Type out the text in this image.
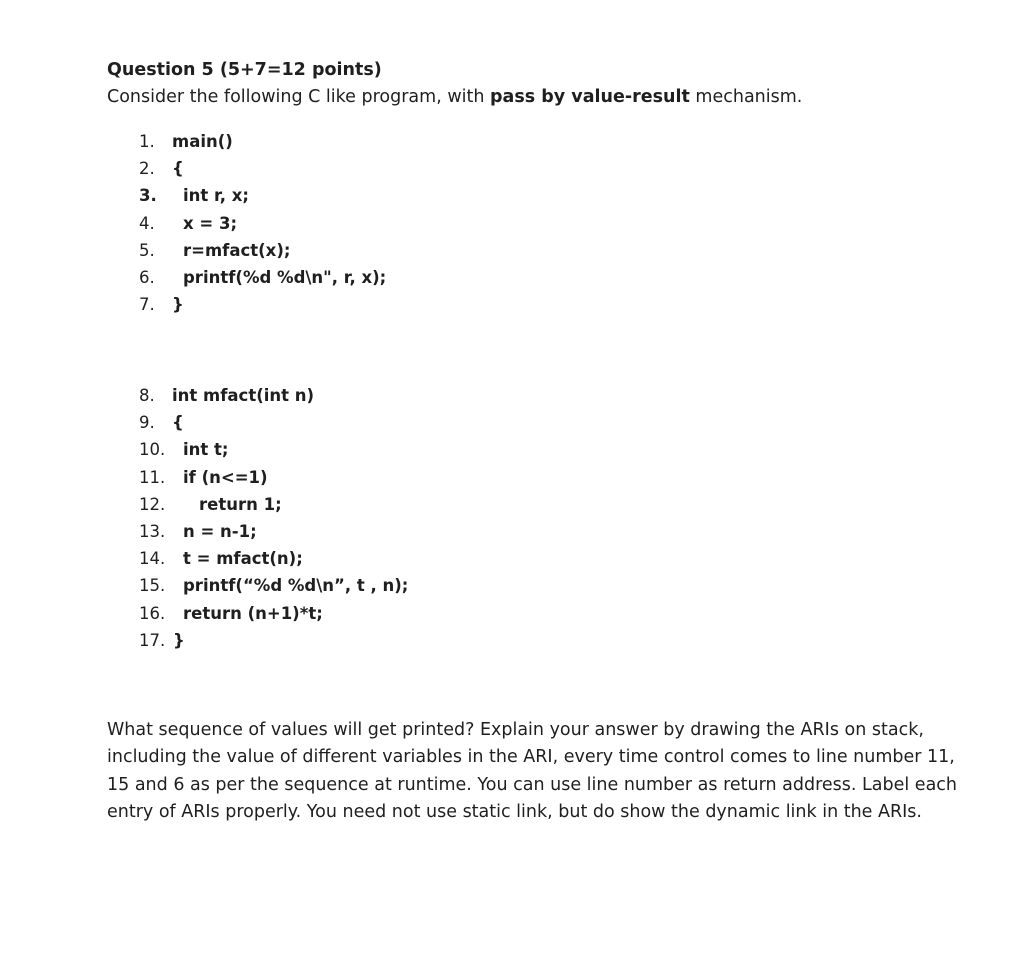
Question 5 (5+7=12 points)
Consider the following C like program, with pass by value-result mechanism.
1.	main()
2.	{
3.	int r, x;
4.	x = 3;
5.	r=mfact(x);
6.	printf(%d %d\n", r, x);
7.	}
8.	int mfact(int n)
9.	{
10.	int t;
11.	if (n<=1)
12.	return 1;
13.	n = n-1;
14.	t = mfact(n);
15.	printf(“%d %d\n”, t , n);
16.	return (n+1)*t;
17. }
What sequence of values will get printed? Explain your answer by drawing the ARIs on stack, including the value of different variables in the ARI, every time control comes to line number 11, 15 and 6 as per the sequence at runtime. You can use line number as return address. Label each entry of ARIs properly. You need not use static link, but do show the dynamic link in the ARIs.
